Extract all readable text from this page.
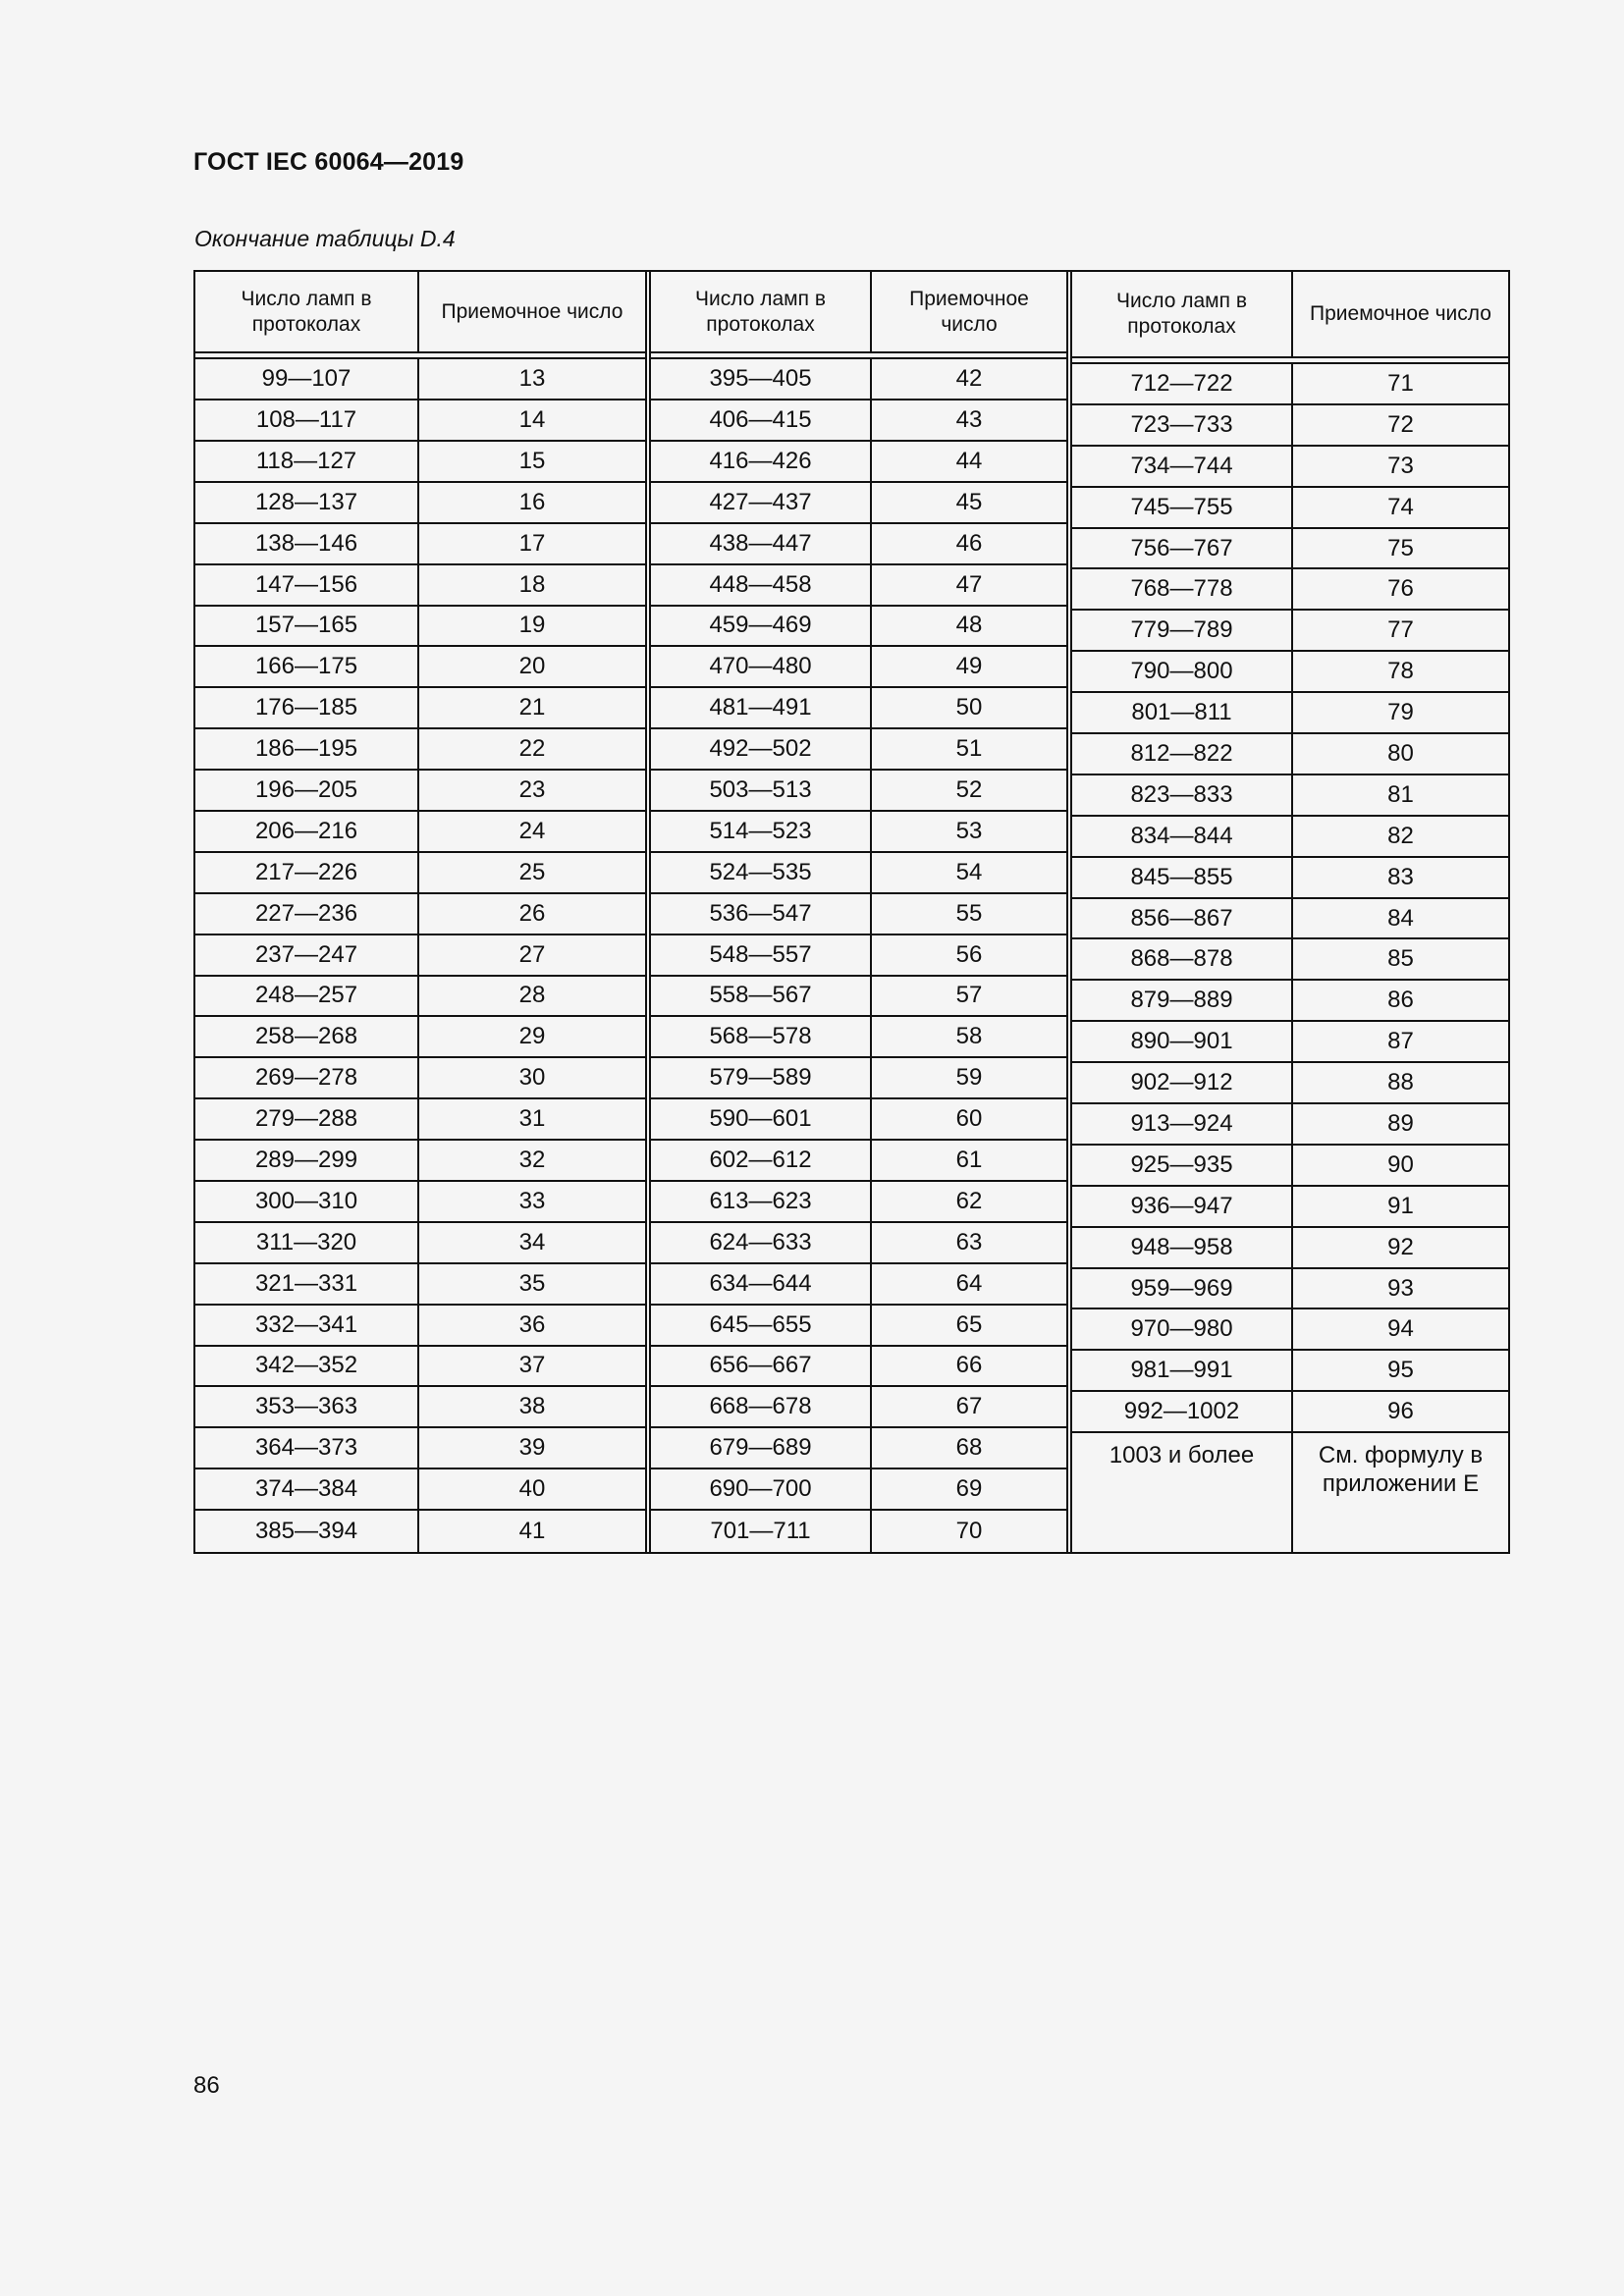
ГОСТ IEC 60064—2019
Окончание таблицы D.4
Число ламп в протоколах
Приемочное число
99—107	13
108—117	14
118—127	15
128—137	16
138—146	17
147—156	18
157—165	19
166—175	20
176—185	21
186—195	22
196—205	23
206—216	24
217—226	25
227—236	26
237—247	27
248—257	28
258—268	29
269—278	30
279—288	31
289—299	32
300—310	33
311—320	34
321—331	35
332—341	36
342—352	37
353—363	38
364—373	39
374—384	40
385—394	41
Число ламп в протоколах
Приемочное число
395—405	42
406—415	43
416—426	44
427—437	45
438—447	46
448—458	47
459—469	48
470—480	49
481—491	50
492—502	51
503—513	52
514—523	53
524—535	54
536—547	55
548—557	56
558—567	57
568—578	58
579—589	59
590—601	60
602—612	61
613—623	62
624—633	63
634—644	64
645—655	65
656—667	66
668—678	67
679—689	68
690—700	69
701—711	70
Число ламп в протоколах
Приемочное число
712—722	71
723—733	72
734—744	73
745—755	74
756—767	75
768—778	76
779—789	77
790—800	78
801—811	79
812—822	80
823—833	81
834—844	82
845—855	83
856—867	84
868—878	85
879—889	86
890—901	87
902—912	88
913—924	89
925—935	90
936—947	91
948—958	92
959—969	93
970—980	94
981—991	95
992—1002	96
1003 и более	См. формулу в приложении E
86
